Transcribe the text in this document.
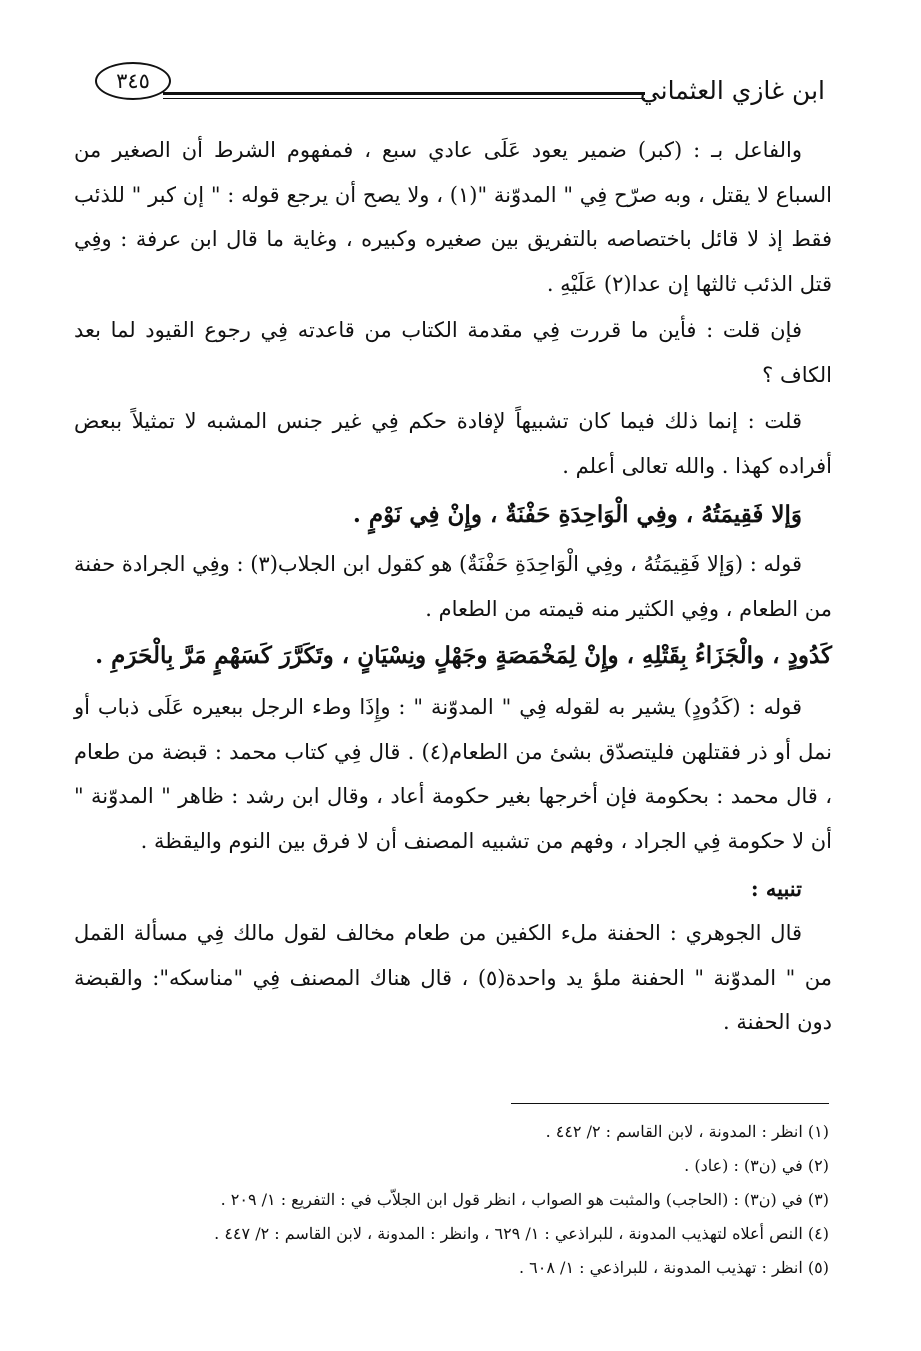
ابن غازي العثماني
٣٤٥

والفاعل بـ : (كبر) ضمير يعود عَلَى عادي سبع ، فمفهوم الشرط أن الصغير من السباع لا يقتل ، وبه صرّح فِي " المدوّنة "(١) ، ولا يصح أن يرجع قوله : " إن كبر " للذئب فقط إذ لا قائل باختصاصه بالتفريق بين صغيره وكبيره ، وغاية ما قال ابن عرفة : وفِي قتل الذئب ثالثها إن عدا(٢) عَلَيْهِ .

فإن قلت : فأين ما قررت فِي مقدمة الكتاب من قاعدته فِي رجوع القيود لما بعد الكاف ؟

قلت : إنما ذلك فيما كان تشبيهاً لإفادة حكم فِي غير جنس المشبه لا تمثيلاً ببعض أفراده كهذا . والله تعالى أعلم .

وَإلا فَقِيمَتُهُ ، وفِي الْوَاحِدَةِ حَفْنَةٌ ، وإِنْ فِي نَوْمٍ .

قوله : (وَإلا فَقِيمَتُهُ ، وفِي الْوَاحِدَةِ حَفْنَةٌ) هو كقول ابن الجلاب(٣) : وفِي الجرادة حفنة من الطعام ، وفِي الكثير منه قيمته من الطعام .

كَدُودٍ ، والْجَزَاءُ بِقَتْلِهِ ، وإِنْ لِمَخْمَصَةٍ وجَهْلٍ ونِسْيَانٍ ، وتَكَرَّرَ كَسَهْمٍ مَرَّ بِالْحَرَمِ .

قوله : (كَدُودٍ) يشير به لقوله فِي " المدوّنة " : وإِذَا وطء الرجل ببعيره عَلَى ذباب أو نمل أو ذر فقتلهن فليتصدّق بشئ من الطعام(٤) . قال فِي كتاب محمد : قبضة من طعام ، قال محمد : بحكومة فإن أخرجها بغير حكومة أعاد ، وقال ابن رشد : ظاهر " المدوّنة " أن لا حكومة فِي الجراد ، وفهم من تشبيه المصنف أن لا فرق بين النوم واليقظة .

تنبيه :

قال الجوهري : الحفنة ملء الكفين من طعام مخالف لقول مالك فِي مسألة القمل من " المدوّنة " الحفنة ملؤ يد واحدة(٥) ، قال هناك المصنف فِي "مناسكه": والقبضة دون الحفنة .

(١) انظر : المدونة ، لابن القاسم : ٢/ ٤٤٢ .
(٢) في (ن٣) : (عاد) .
(٣) في (ن٣) : (الحاجب) والمثبت هو الصواب ، انظر قول ابن الجلاّب في : التفريع : ١/ ٢٠٩ .
(٤) النص أعلاه لتهذيب المدونة ، للبراذعي : ١/ ٦٢٩ ، وانظر : المدونة ، لابن القاسم : ٢/ ٤٤٧ .
(٥) انظر : تهذيب المدونة ، للبراذعي : ١/ ٦٠٨ .
